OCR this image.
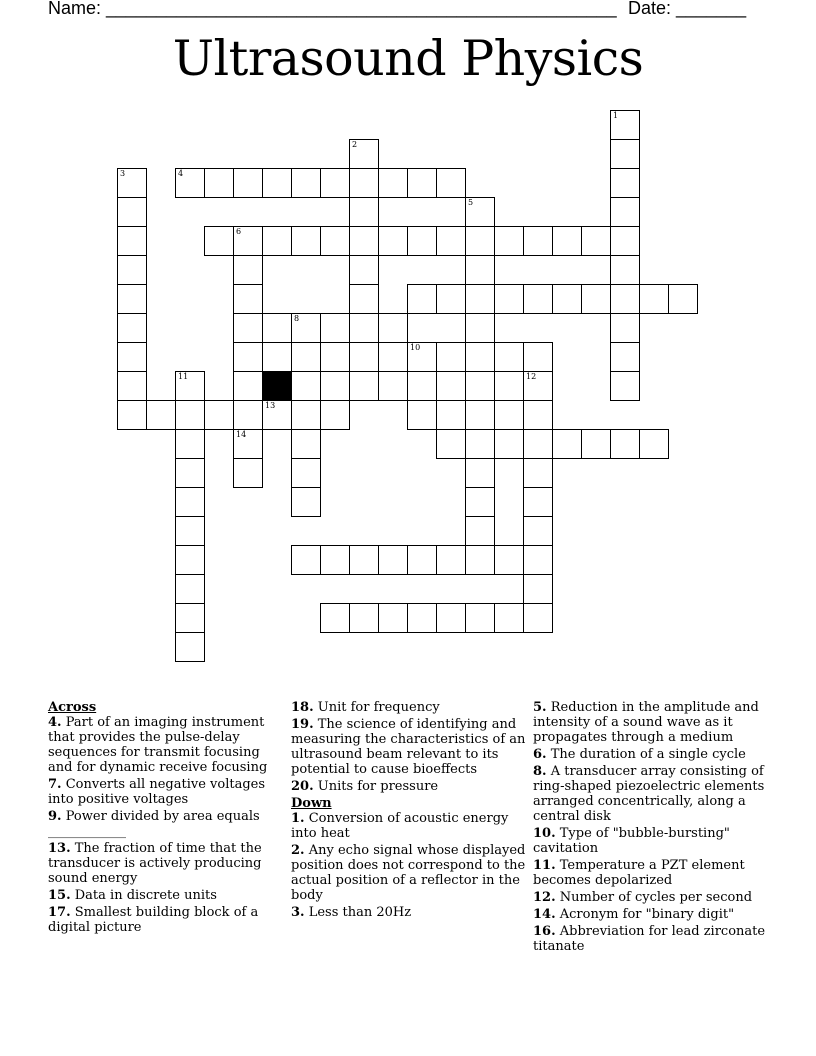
Name: ___________________________________________________ Date: _______
Ultrasound Physics
1
2
3	4
5
6
14
8
11
10
12
13
Across
4. Part of an imaging instrument that provides the pulse-delay sequences for transmit focusing and for dynamic receive focusing
7. Converts all negative voltages into positive voltages
9. Power divided by area equals ____________
13. The fraction of time that the transducer is actively producing sound energy
15. Data in discrete units
17. Smallest building block of a digital picture
18. Unit for frequency
19. The science of identifying and measuring the characteristics of an ultrasound beam relevant to its potential to cause bioeffects
20. Units for pressure
Down
1. Conversion of acoustic energy into heat
2. Any echo signal whose displayed position does not correspond to the actual position of a reflector in the body
3. Less than 20Hz
5. Reduction in the amplitude and intensity of a sound wave as it propagates through a medium
6. The duration of a single cycle
8. A transducer array consisting of ring-shaped piezoelectric elements arranged concentrically, along a central disk
10. Type of "bubble-bursting" cavitation
11. Temperature a PZT element becomes depolarized
12. Number of cycles per second
14. Acronym for "binary digit"
16. Abbreviation for lead zirconate titanate
